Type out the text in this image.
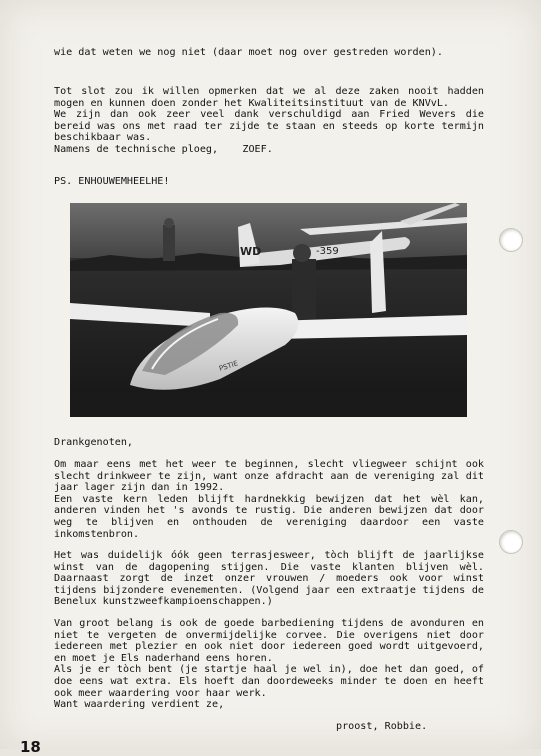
wie dat weten we nog niet (daar moet nog over gestreden worden).
Tot slot zou ik willen opmerken dat we al deze zaken nooit hadden mogen en kunnen doen zonder het Kwaliteitsinstituut van de KNVvL.
We zijn dan ook zeer veel dank verschuldigd aan Fried Wevers die bereid was ons met raad ter zijde te staan en steeds op korte termijn beschikbaar was.
Namens de technische ploeg,    ZOEF.
PS. ENHOUWEMHEELHE!
WD	-359
PSTIE
Drankgenoten,
Om maar eens met het weer te beginnen, slecht vliegweer schijnt ook slecht drinkweer te zijn, want onze afdracht aan de vereniging zal dit jaar lager zijn dan in 1992.
Een vaste kern leden blijft hardnekkig bewijzen dat het wèl kan, anderen vinden het 's avonds te rustig. Die anderen bewijzen dat door weg te blijven en onthouden de vereniging daardoor een vaste inkomstenbron.
Het was duidelijk óók geen terrasjesweer, tòch blijft de jaarlijkse winst van de dagopening stijgen. Die vaste klanten blijven wèl. Daarnaast zorgt de inzet onzer vrouwen / moeders ook voor winst tijdens bijzondere evenementen. (Volgend jaar een extraatje tijdens de Benelux kunstzweefkampioenschappen.)
Van groot belang is ook de goede barbediening tijdens de avonduren en niet te vergeten de onvermijdelijke corvee. Die overigens niet door iedereen met plezier en ook niet door iedereen goed wordt uitgevoerd, en moet je Els naderhand eens horen.
Als je er tòch bent (je startje haal je wel in), doe het dan goed, of doe eens wat extra. Els hoeft dan doordeweeks minder te doen en heeft ook meer waardering voor haar werk.
Want waardering verdient ze,
proost, Robbie.
18
